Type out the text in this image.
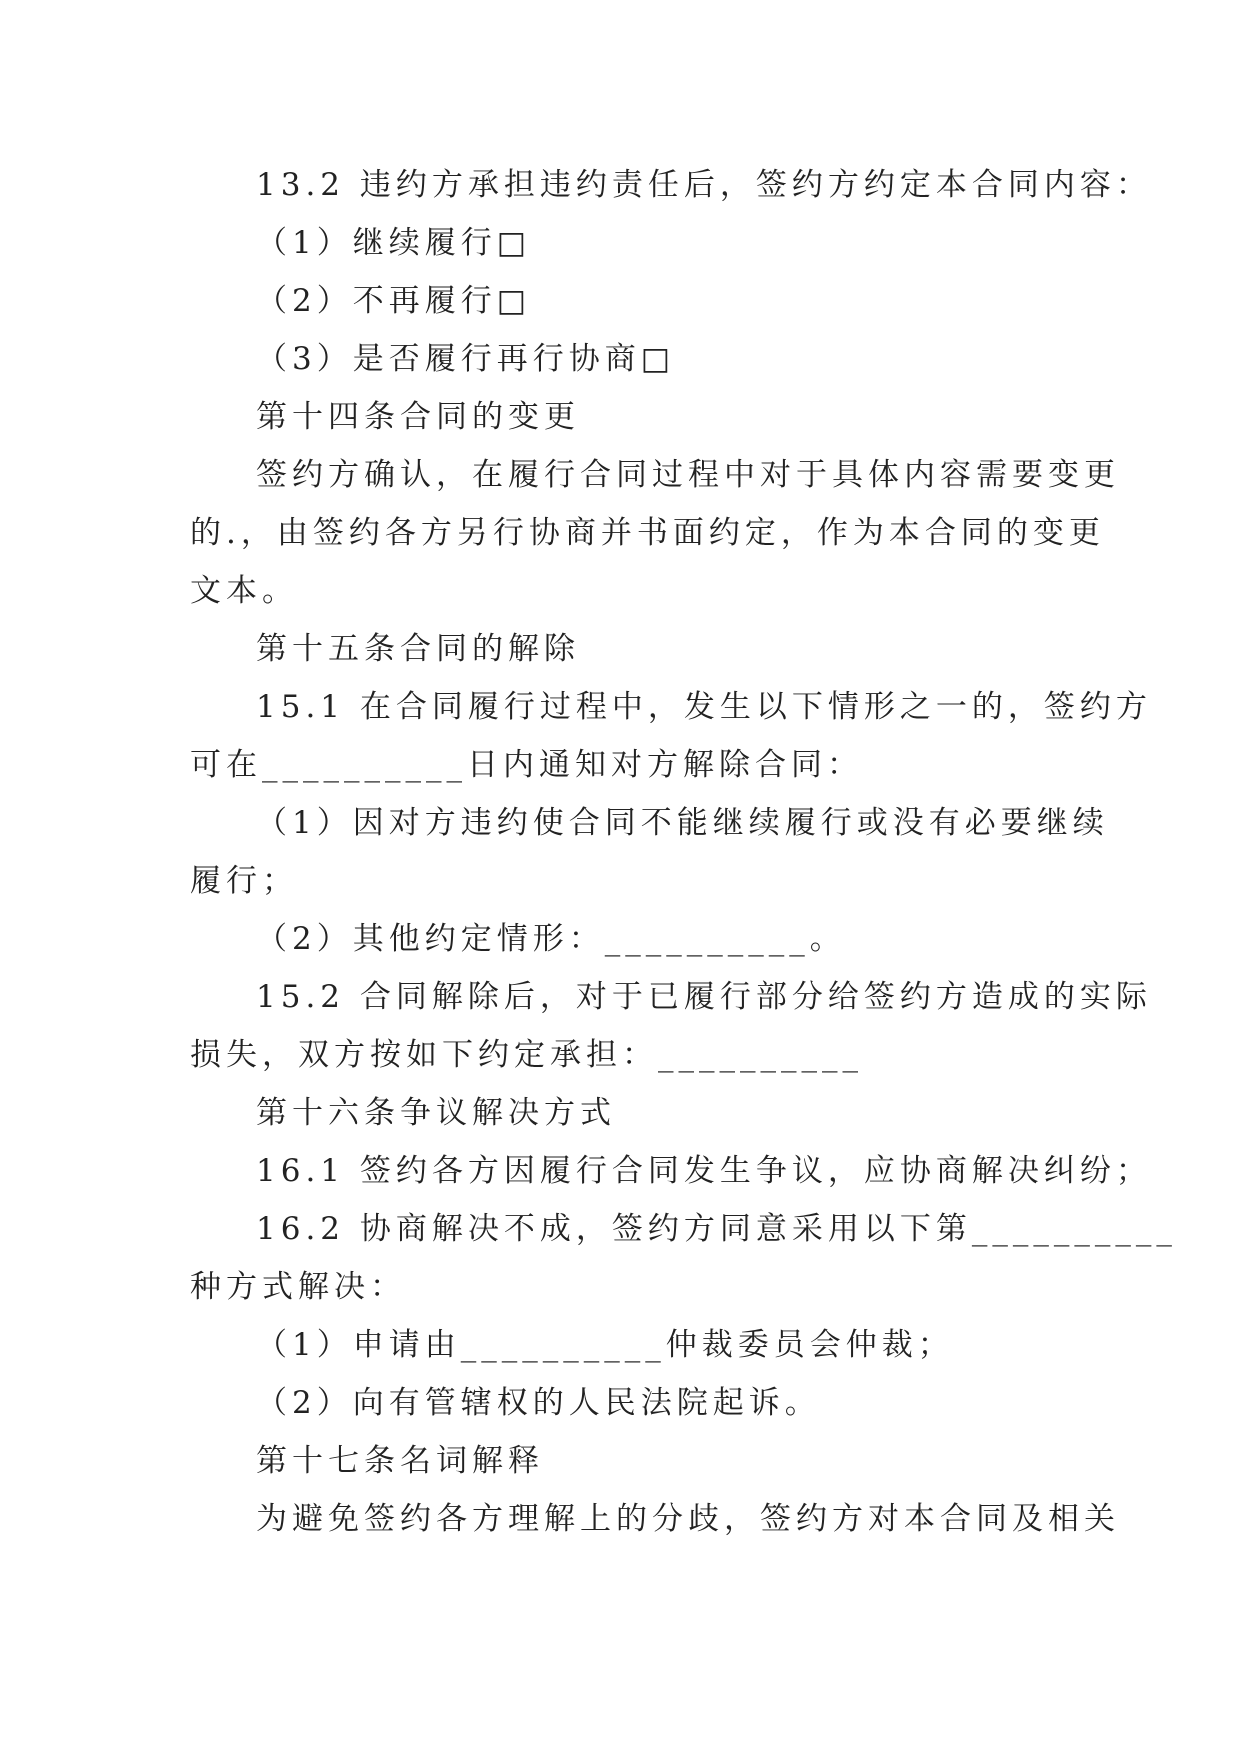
13.2 违约方承担违约责任后，签约方约定本合同内容：
（1）继续履行□
（2）不再履行□
（3）是否履行再行协商□
第十四条合同的变更
签约方确认，在履行合同过程中对于具体内容需要变更
的.，由签约各方另行协商并书面约定，作为本合同的变更
文本。
第十五条合同的解除
15.1 在合同履行过程中，发生以下情形之一的，签约方
可在__________日内通知对方解除合同：
（1）因对方违约使合同不能继续履行或没有必要继续
履行；
（2）其他约定情形：__________。
15.2 合同解除后，对于已履行部分给签约方造成的实际
损失，双方按如下约定承担：__________
第十六条争议解决方式
16.1 签约各方因履行合同发生争议，应协商解决纠纷；
16.2 协商解决不成，签约方同意采用以下第__________
种方式解决：
（1）申请由__________仲裁委员会仲裁；
（2）向有管辖权的人民法院起诉。
第十七条名词解释
为避免签约各方理解上的分歧，签约方对本合同及相关
